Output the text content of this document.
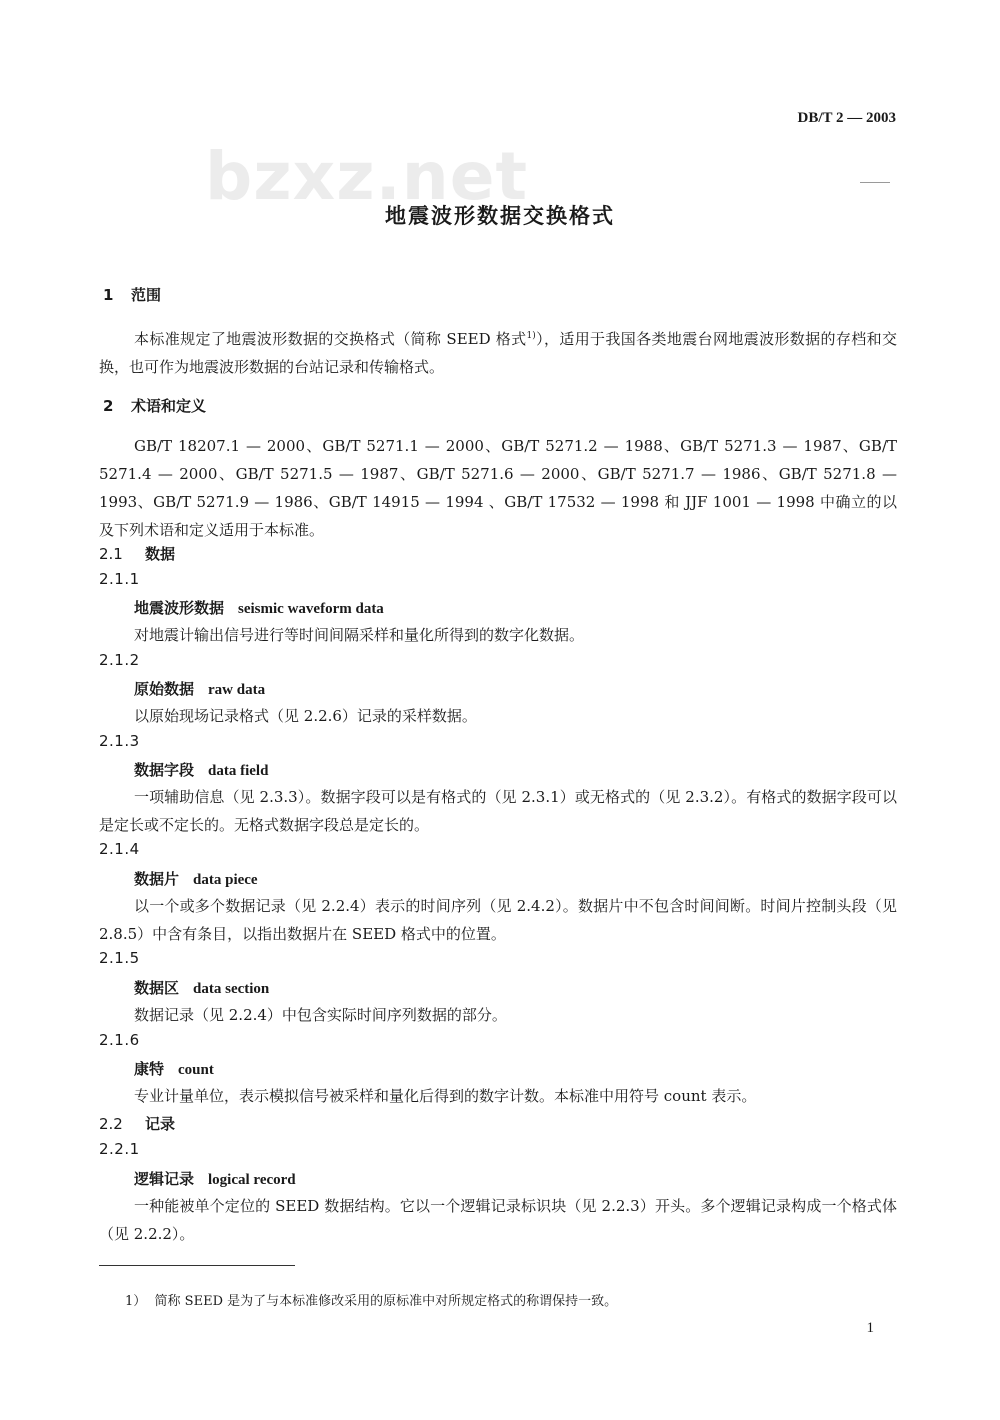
DB/T 2 — 2003
bzxz.net
地震波形数据交换格式
1 范围
本标准规定了地震波形数据的交换格式（简称 SEED 格式$^{1)}$），适用于我国各类地震台网地震波形数据的存档和交换，也可作为地震波形数据的台站记录和传输格式。
2 术语和定义
GB/T 18207.1 — 2000、GB/T 5271.1 — 2000、GB/T 5271.2 — 1988、GB/T 5271.3 — 1987、GB/T 5271.4 — 2000、GB/T 5271.5 — 1987、GB/T 5271.6 — 2000、GB/T 5271.7 — 1986、GB/T 5271.8 — 1993、GB/T 5271.9 — 1986、GB/T 14915 — 1994 、GB/T 17532 — 1998 和 JJF 1001 — 1998 中确立的以及下列术语和定义适用于本标准。
2.1 数据
2.1.1
地震波形数据 seismic waveform data
对地震计输出信号进行等时间间隔采样和量化所得到的数字化数据。
2.1.2
原始数据 raw data
以原始现场记录格式（见 2.2.6）记录的采样数据。
2.1.3
数据字段 data field
一项辅助信息（见 2.3.3）。数据字段可以是有格式的（见 2.3.1）或无格式的（见 2.3.2）。有格式的数据字段可以是定长或不定长的。无格式数据字段总是定长的。
2.1.4
数据片 data piece
以一个或多个数据记录（见 2.2.4）表示的时间序列（见 2.4.2）。数据片中不包含时间间断。时间片控制头段（见 2.8.5）中含有条目，以指出数据片在 SEED 格式中的位置。
2.1.5
数据区 data section
数据记录（见 2.2.4）中包含实际时间序列数据的部分。
2.1.6
康特 count
专业计量单位，表示模拟信号被采样和量化后得到的数字计数。本标准中用符号 count 表示。
2.2 记录
2.2.1
逻辑记录 logical record
一种能被单个定位的 SEED 数据结构。它以一个逻辑记录标识块（见 2.2.3）开头。多个逻辑记录构成一个格式体（见 2.2.2）。
1） 简称 SEED 是为了与本标准修改采用的原标准中对所规定格式的称谓保持一致。
1
